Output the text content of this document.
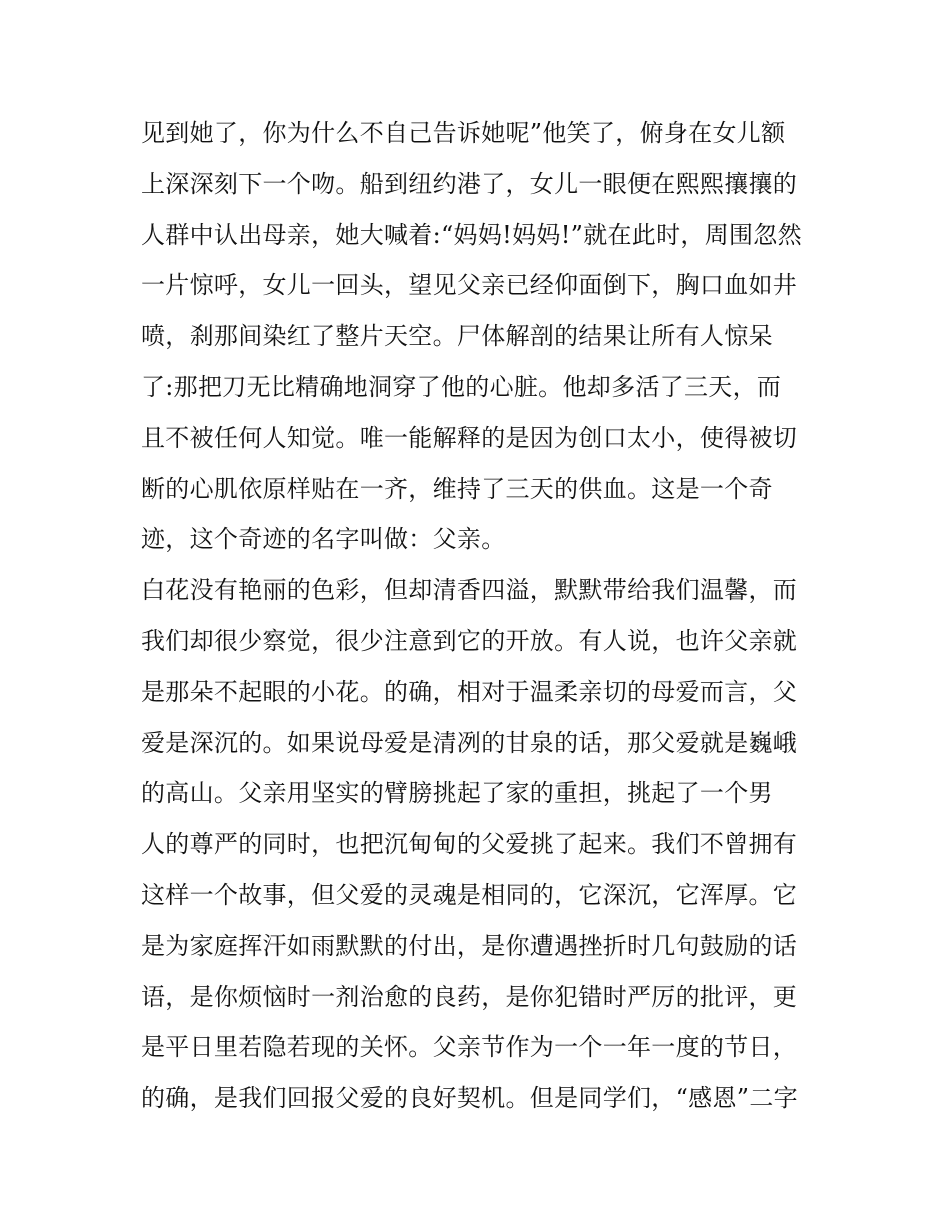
见到她了，你为什么不自己告诉她呢”他笑了，俯身在女儿额
上深深刻下一个吻。船到纽约港了，女儿一眼便在熙熙攘攘的
人群中认出母亲，她大喊着:“妈妈!妈妈!”就在此时，周围忽然
一片惊呼，女儿一回头，望见父亲已经仰面倒下，胸口血如井
喷，刹那间染红了整片天空。尸体解剖的结果让所有人惊呆
了:那把刀无比精确地洞穿了他的心脏。他却多活了三天，而
且不被任何人知觉。唯一能解释的是因为创口太小，使得被切
断的心肌依原样贴在一齐，维持了三天的供血。这是一个奇
迹，这个奇迹的名字叫做：父亲。
白花没有艳丽的色彩，但却清香四溢，默默带给我们温馨，而
我们却很少察觉，很少注意到它的开放。有人说，也许父亲就
是那朵不起眼的小花。的确，相对于温柔亲切的母爱而言，父
爱是深沉的。如果说母爱是清冽的甘泉的话，那父爱就是巍峨
的高山。父亲用坚实的臂膀挑起了家的重担，挑起了一个男
人的尊严的同时，也把沉甸甸的父爱挑了起来。我们不曾拥有
这样一个故事，但父爱的灵魂是相同的，它深沉，它浑厚。它
是为家庭挥汗如雨默默的付出，是你遭遇挫折时几句鼓励的话
语，是你烦恼时一剂治愈的良药，是你犯错时严厉的批评，更
是平日里若隐若现的关怀。父亲节作为一个一年一度的节日，
的确，是我们回报父爱的良好契机。但是同学们，“感恩”二字
